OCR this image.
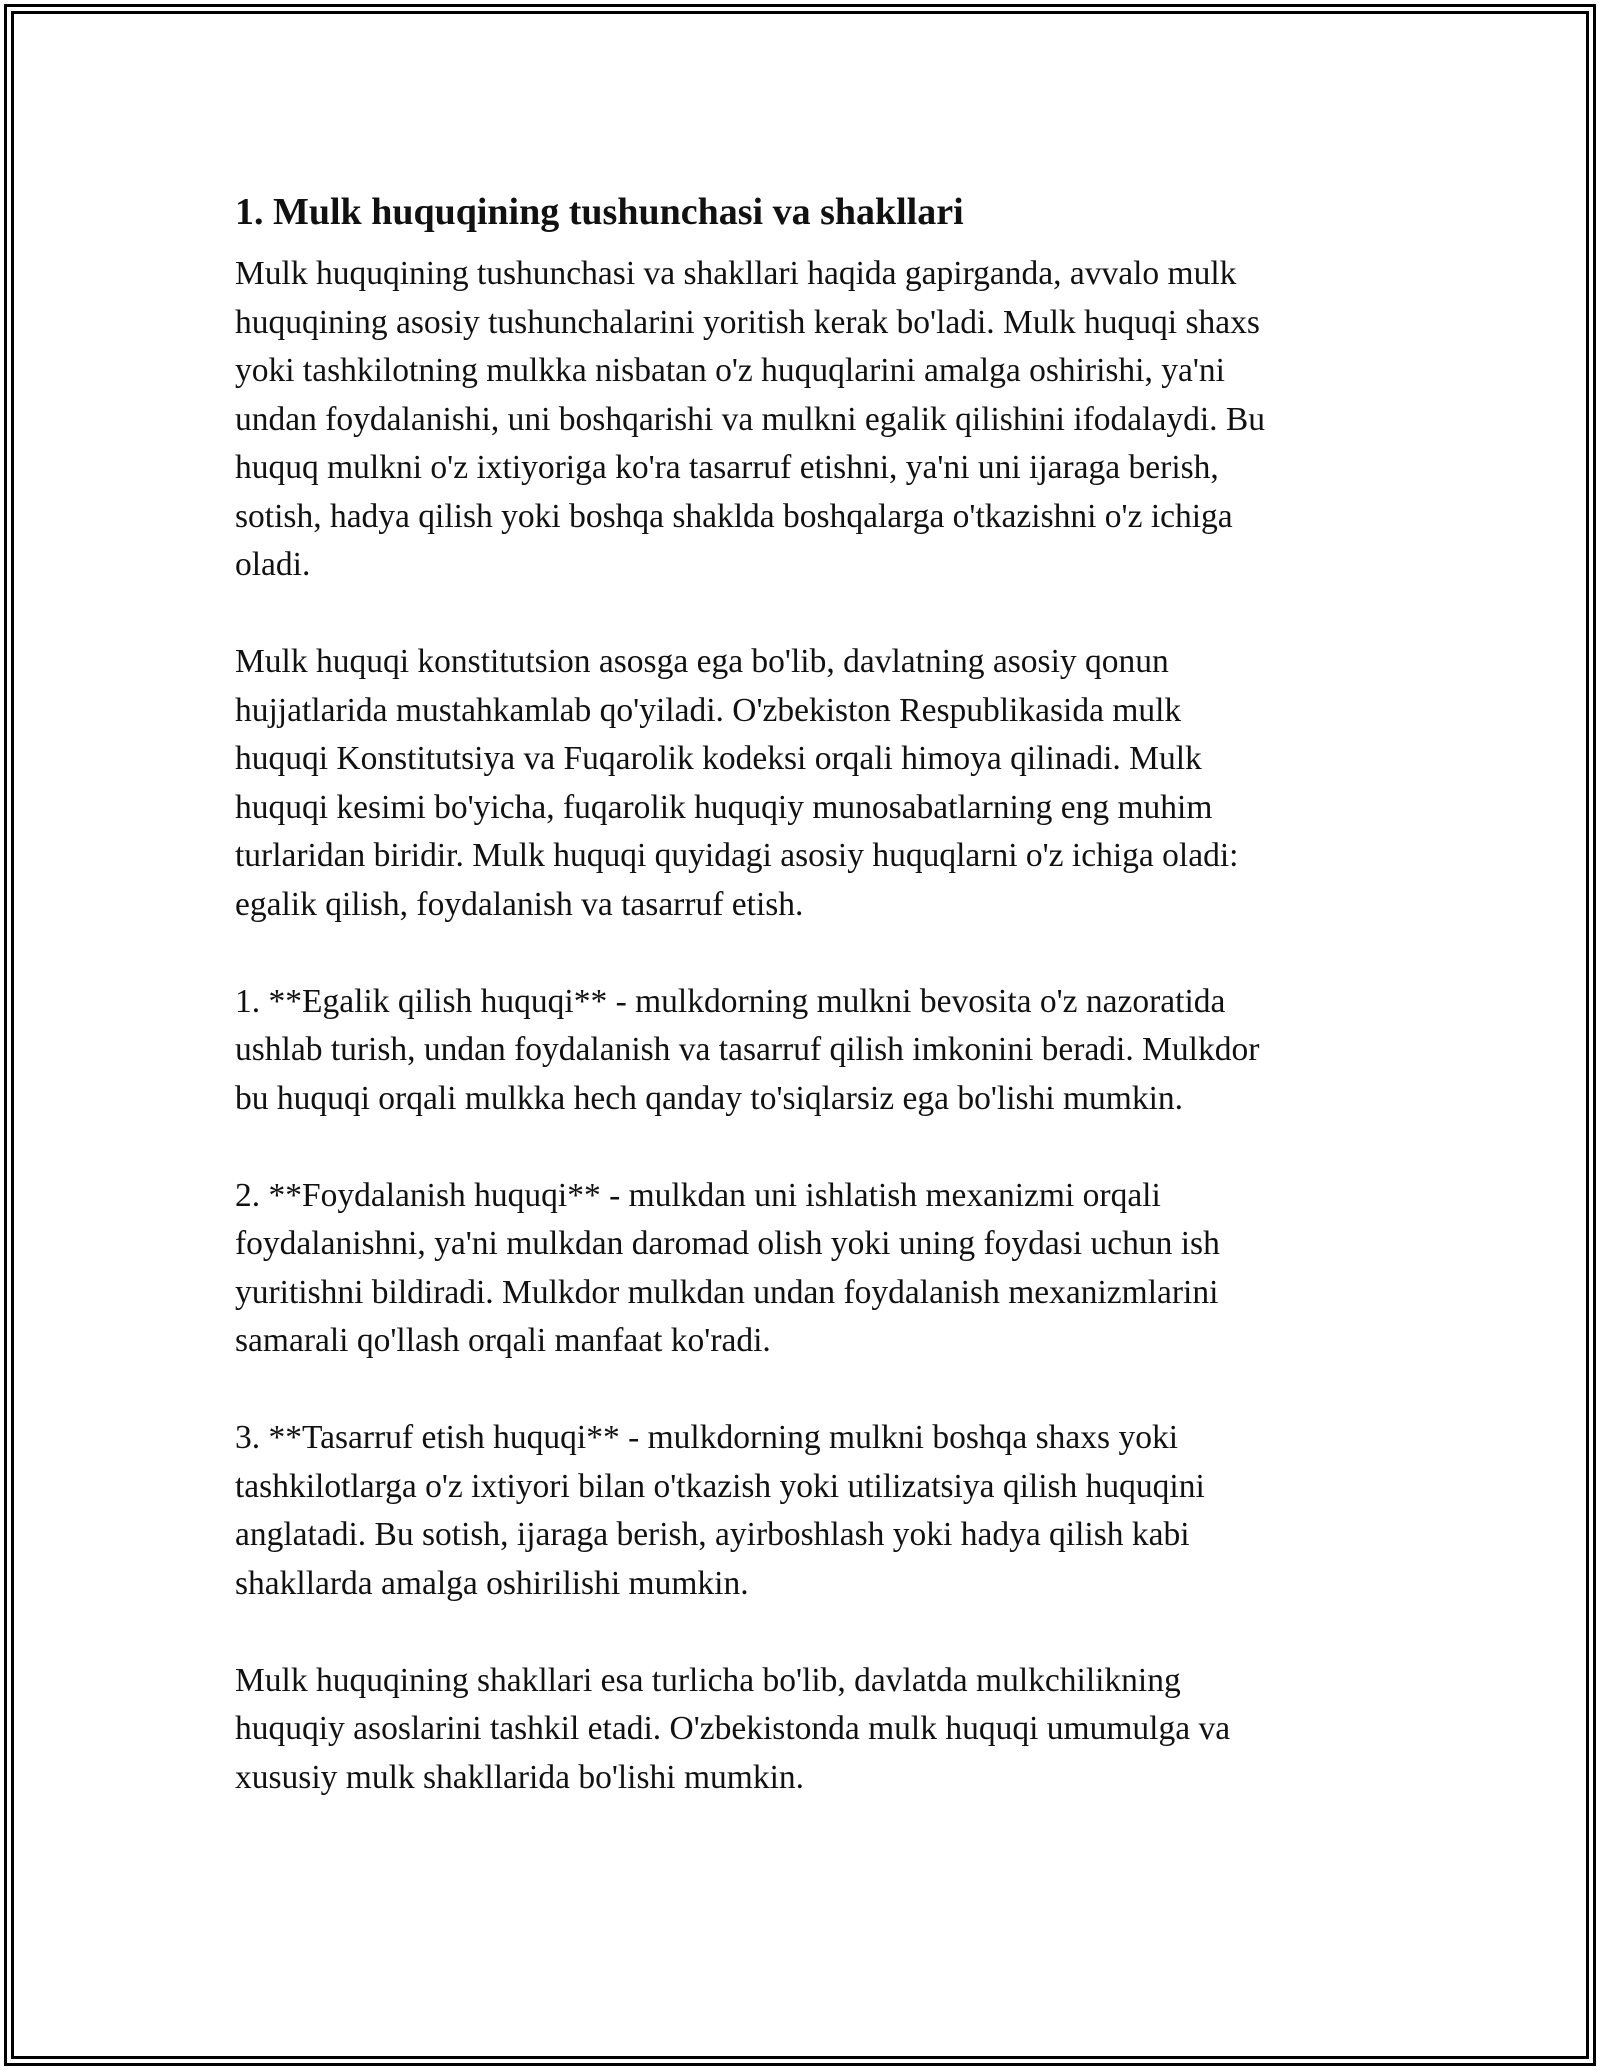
1. Mulk huquqining tushunchasi va shakllari

Mulk huquqining tushunchasi va shakllari haqida gapirganda, avvalo mulk
huquqining asosiy tushunchalarini yoritish kerak bo'ladi. Mulk huquqi shaxs
yoki tashkilotning mulkka nisbatan o'z huquqlarini amalga oshirishi, ya'ni
undan foydalanishi, uni boshqarishi va mulkni egalik qilishini ifodalaydi. Bu
huquq mulkni o'z ixtiyoriga ko'ra tasarruf etishni, ya'ni uni ijaraga berish,
sotish, hadya qilish yoki boshqa shaklda boshqalarga o'tkazishni o'z ichiga
oladi.

Mulk huquqi konstitutsion asosga ega bo'lib, davlatning asosiy qonun
hujjatlarida mustahkamlab qo'yiladi. O'zbekiston Respublikasida mulk
huquqi Konstitutsiya va Fuqarolik kodeksi orqali himoya qilinadi. Mulk
huquqi kesimi bo'yicha, fuqarolik huquqiy munosabatlarning eng muhim
turlaridan biridir. Mulk huquqi quyidagi asosiy huquqlarni o'z ichiga oladi:
egalik qilish, foydalanish va tasarruf etish.

1. **Egalik qilish huquqi** - mulkdorning mulkni bevosita o'z nazoratida
ushlab turish, undan foydalanish va tasarruf qilish imkonini beradi. Mulkdor
bu huquqi orqali mulkka hech qanday to'siqlarsiz ega bo'lishi mumkin.

2. **Foydalanish huquqi** - mulkdan uni ishlatish mexanizmi orqali
foydalanishni, ya'ni mulkdan daromad olish yoki uning foydasi uchun ish
yuritishni bildiradi. Mulkdor mulkdan undan foydalanish mexanizmlarini
samarali qo'llash orqali manfaat ko'radi.

3. **Tasarruf etish huquqi** - mulkdorning mulkni boshqa shaxs yoki
tashkilotlarga o'z ixtiyori bilan o'tkazish yoki utilizatsiya qilish huquqini
anglatadi. Bu sotish, ijaraga berish, ayirboshlash yoki hadya qilish kabi
shakllarda amalga oshirilishi mumkin.

Mulk huquqining shakllari esa turlicha bo'lib, davlatda mulkchilikning
huquqiy asoslarini tashkil etadi. O'zbekistonda mulk huquqi umumulga va
xususiy mulk shakllarida bo'lishi mumkin.
